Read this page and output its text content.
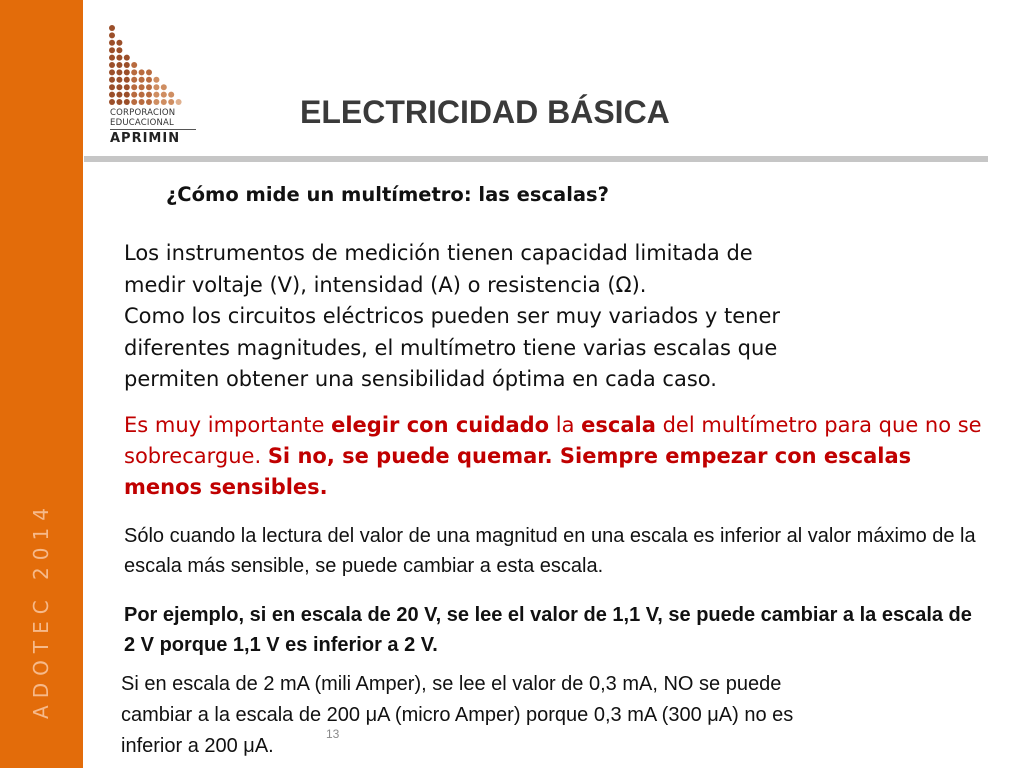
ADOTEC 2014
CORPORACION
EDUCACIONAL
APRIMIN
ELECTRICIDAD BÁSICA
¿Cómo mide un multímetro: las escalas?
Los instrumentos de medición tienen capacidad limitada de
medir voltaje (V), intensidad (A) o resistencia (Ω).
Como los circuitos eléctricos pueden ser muy variados y tener
diferentes magnitudes, el multímetro tiene varias escalas que
permiten obtener una sensibilidad óptima en cada caso.

Es muy importante elegir con cuidado la escala del multímetro para que no se sobrecargue. Si no, se puede quemar. Siempre empezar con escalas menos sensibles.

Sólo cuando la lectura del valor de una magnitud en una escala es inferior al valor máximo de la escala más sensible, se puede cambiar a esta escala.

Por ejemplo, si en escala de 20 V, se lee el valor de 1,1 V, se puede cambiar a la escala de 2 V porque 1,1 V es inferior a 2 V.

Si en escala de 2 mA (mili Amper), se lee el valor de 0,3 mA, NO se puede
cambiar a la escala de 200 μA (micro Amper) porque 0,3 mA (300 μA) no es
inferior a 200 μA.
13
